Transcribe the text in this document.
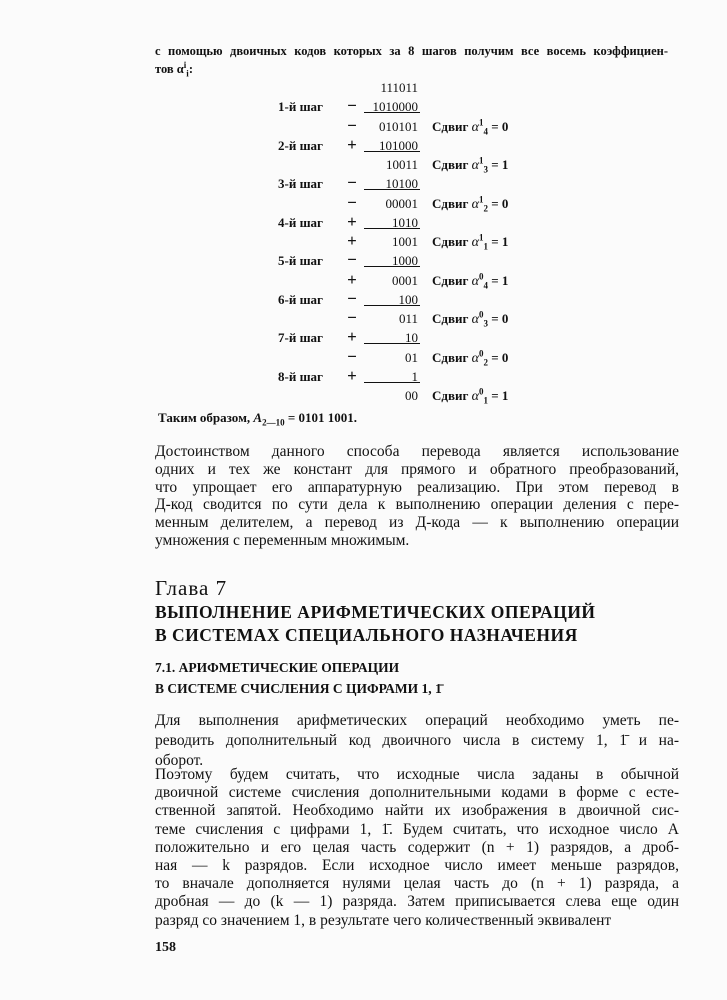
с помощью двоичных кодов которых за 8 шагов получим все восемь коэффициен-
тов $\alpha^i_i$:
111011
1-й шаг − 1010000
− 010101 Сдвиг $\alpha^1_4 = 0$
2-й шаг + 101000
10011 Сдвиг $\alpha^1_3 = 1$
3-й шаг − 10100
− 00001 Сдвиг $\alpha^1_2 = 0$
4-й шаг +	1010
+	1001 Сдвиг $\alpha^1_1 = 1$
5-й шаг −	1000
+	0001 Сдвиг $\alpha^0_4 = 1$
6-й шаг −	100
−	011 Сдвиг $\alpha^0_3 = 0$
7-й шаг +	10
−	01 Сдвиг $\alpha^0_2 = 0$
8-й шаг +	1
00 Сдвиг $\alpha^0_1 = 1$
Таким образом, $A_{2—10} = 0101$ 1001.
Достоинством данного способа перевода является использование
одних и тех же констант для прямого и обратного преобразований,
что упрощает его аппаратурную реализацию. При этом перевод в
Д-код сводится по сути дела к выполнению операции деления с пере-
менным делителем, а перевод из Д-кода — к выполнению операции
умножения с переменным множимым.
Глава 7
ВЫПОЛНЕНИЕ АРИФМЕТИЧЕСКИХ ОПЕРАЦИЙ
В СИСТЕМАХ СПЕЦИАЛЬНОГО НАЗНАЧЕНИЯ
7.1. АРИФМЕТИЧЕСКИЕ ОПЕРАЦИИ
В СИСТЕМЕ СЧИСЛЕНИЯ С ЦИФРАМИ 1, 1̄
Для выполнения арифметических операций необходимо уметь пе-
реводить дополнительный код двоичного числа в систему 1, 1̄ и на-
оборот.
Поэтому будем считать, что исходные числа заданы в обычной
двоичной системе счисления дополнительными кодами в форме с есте-
ственной запятой. Необходимо найти их изображения в двоичной сис-
теме счисления с цифрами 1, 1̄. Будем считать, что исходное число A
положительно и его целая часть содержит (n + 1) разрядов, а дроб-
ная — k разрядов. Если исходное число имеет меньше разрядов,
то вначале дополняется нулями целая часть до (n + 1) разряда, а
дробная — до (k — 1) разряда. Затем приписывается слева еще один
разряд со значением 1, в результате чего количественный эквивалент
158
